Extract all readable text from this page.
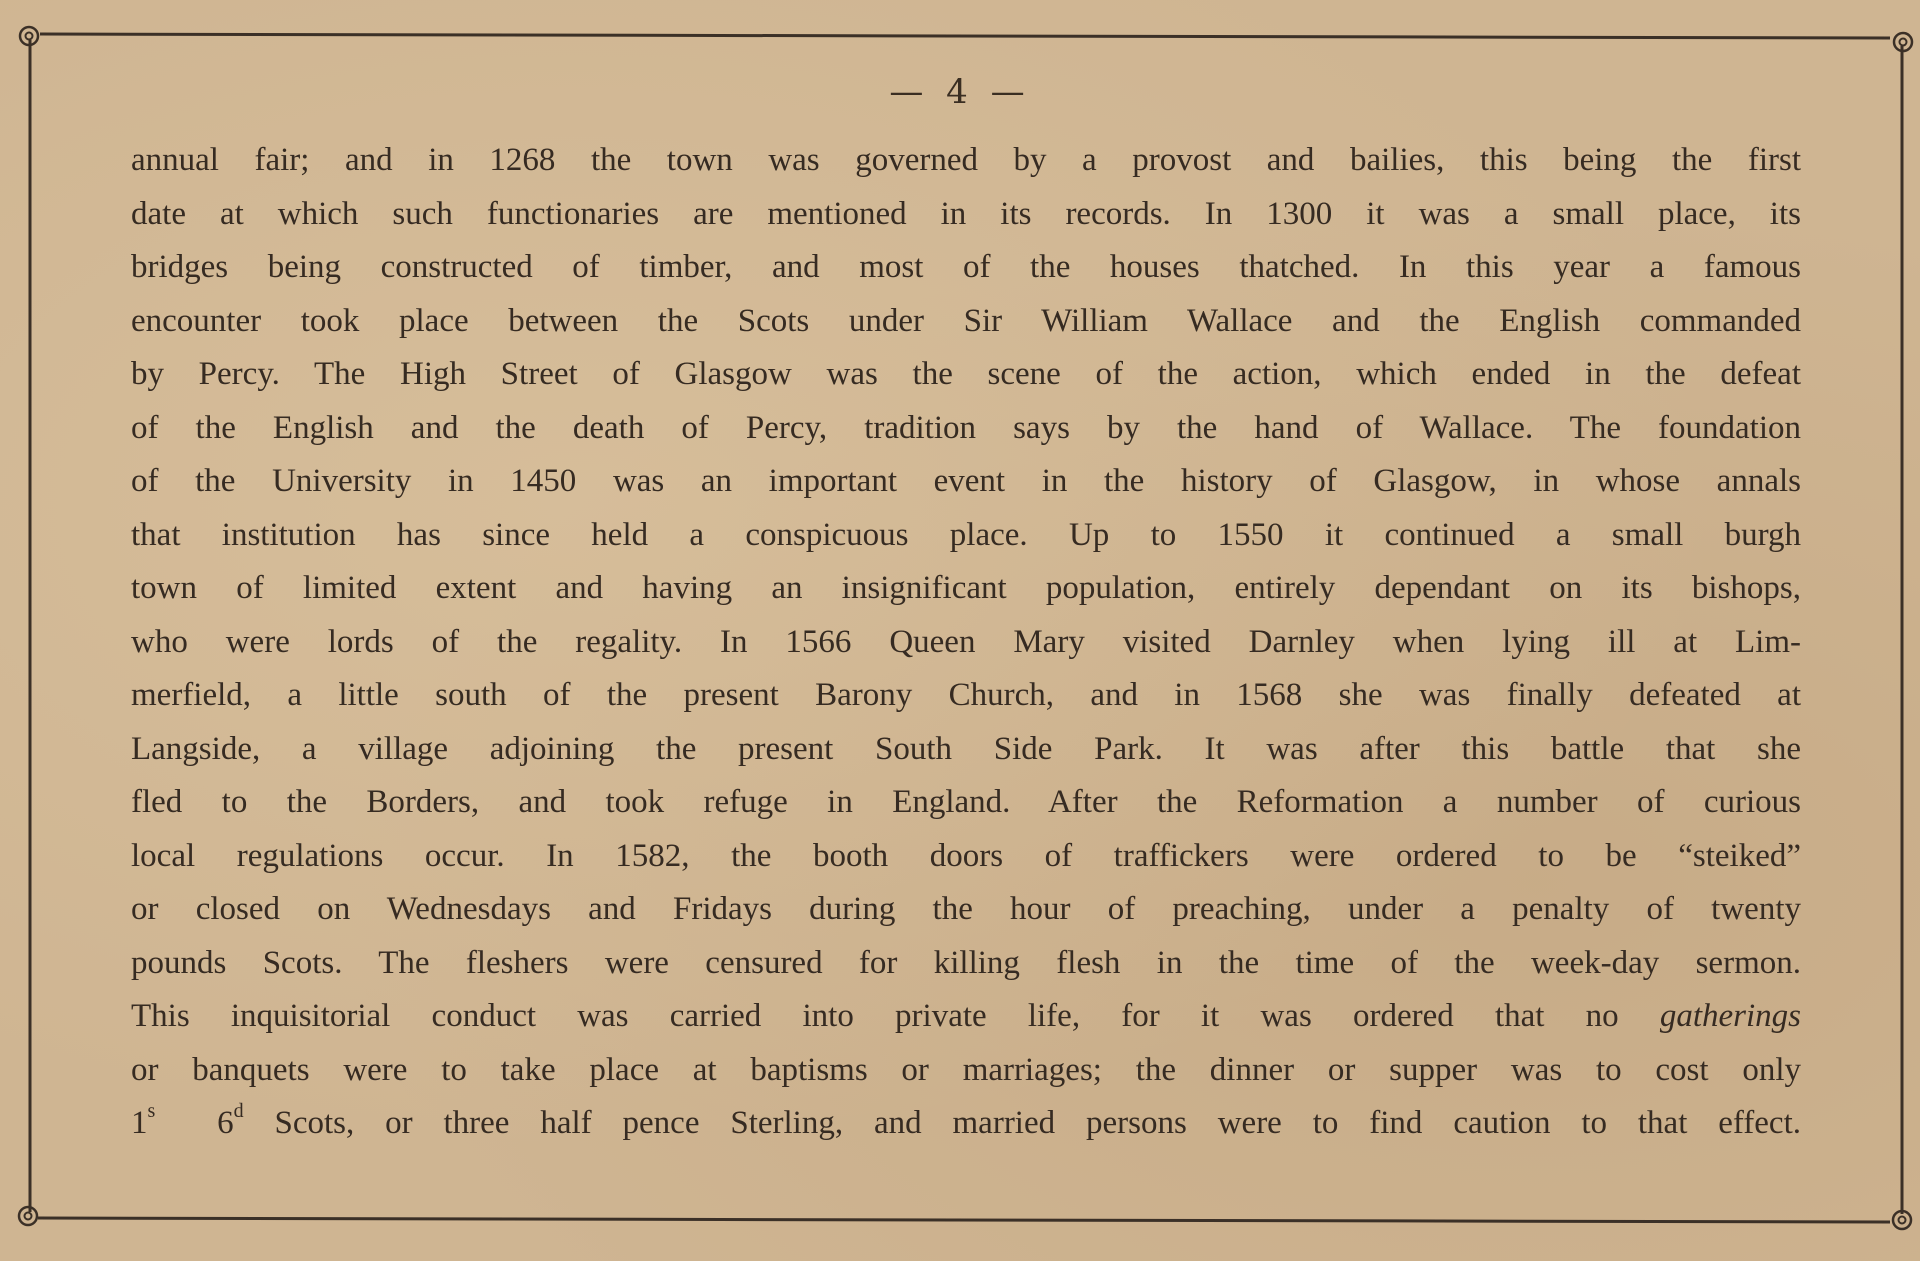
— 4 —
annual fair; and in 1268 the town was governed by a provost and bailies, this being the first
date at which such functionaries are mentioned in its records. In 1300 it was a small place, its
bridges being constructed of timber, and most of the houses thatched. In this year a famous
encounter took place between the Scots under Sir William Wallace and the English commanded
by Percy. The High Street of Glasgow was the scene of the action, which ended in the defeat
of the English and the death of Percy, tradition says by the hand of Wallace. The foundation
of the University in 1450 was an important event in the history of Glasgow, in whose annals
that institution has since held a conspicuous place. Up to 1550 it continued a small burgh
town of limited extent and having an insignificant population, entirely dependant on its bishops,
who were lords of the regality. In 1566 Queen Mary visited Darnley when lying ill at Lim-
merfield, a little south of the present Barony Church, and in 1568 she was finally defeated at
Langside, a village adjoining the present South Side Park. It was after this battle that she
fled to the Borders, and took refuge in England. After the Reformation a number of curious
local regulations occur. In 1582, the booth doors of traffickers were ordered to be “steiked”
or closed on Wednesdays and Fridays during the hour of preaching, under a penalty of twenty
pounds Scots. The fleshers were censured for killing flesh in the time of the week-day sermon.
This inquisitorial conduct was carried into private life, for it was ordered that no gatherings
or banquets were to take place at baptisms or marriages; the dinner or supper was to cost only
1$^s$ 6$^d$ Scots, or three half pence Sterling, and married persons were to find caution to that effect.
